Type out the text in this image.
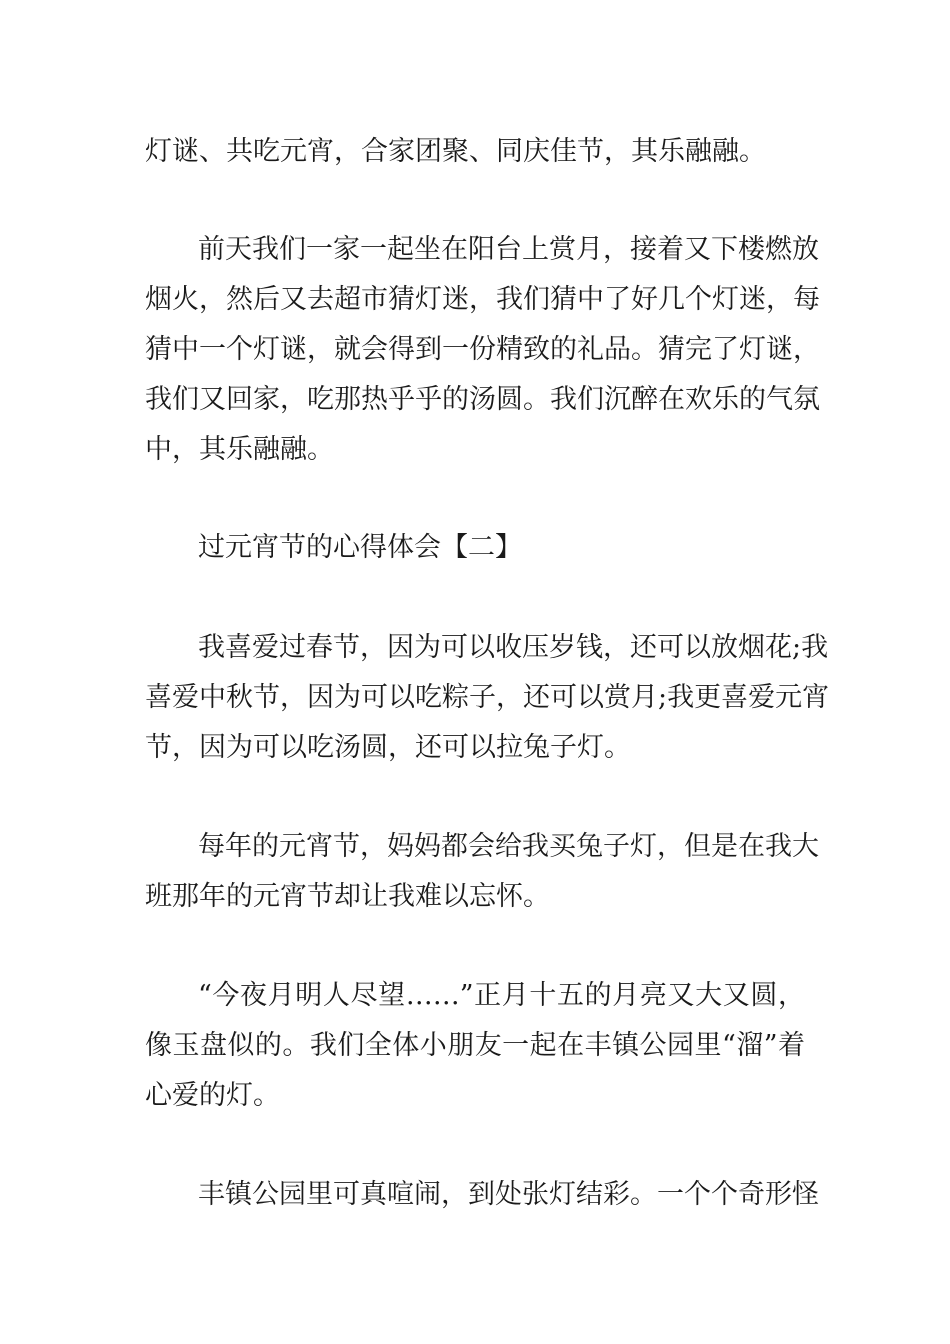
灯谜、共吃元宵，合家团聚、同庆佳节，其乐融融。
前天我们一家一起坐在阳台上赏月，接着又下楼燃放
烟火，然后又去超市猜灯迷，我们猜中了好几个灯迷，每
猜中一个灯谜，就会得到一份精致的礼品。猜完了灯谜，
我们又回家，吃那热乎乎的汤圆。我们沉醉在欢乐的气氛
中，其乐融融。
过元宵节的心得体会【二】
我喜爱过春节，因为可以收压岁钱，还可以放烟花;我
喜爱中秋节，因为可以吃粽子，还可以赏月;我更喜爱元宵
节，因为可以吃汤圆，还可以拉兔子灯。
每年的元宵节，妈妈都会给我买兔子灯，但是在我大
班那年的元宵节却让我难以忘怀。
“今夜月明人尽望……”正月十五的月亮又大又圆，
像玉盘似的。我们全体小朋友一起在丰镇公园里“溜”着
心爱的灯。
丰镇公园里可真喧闹，到处张灯结彩。一个个奇形怪
